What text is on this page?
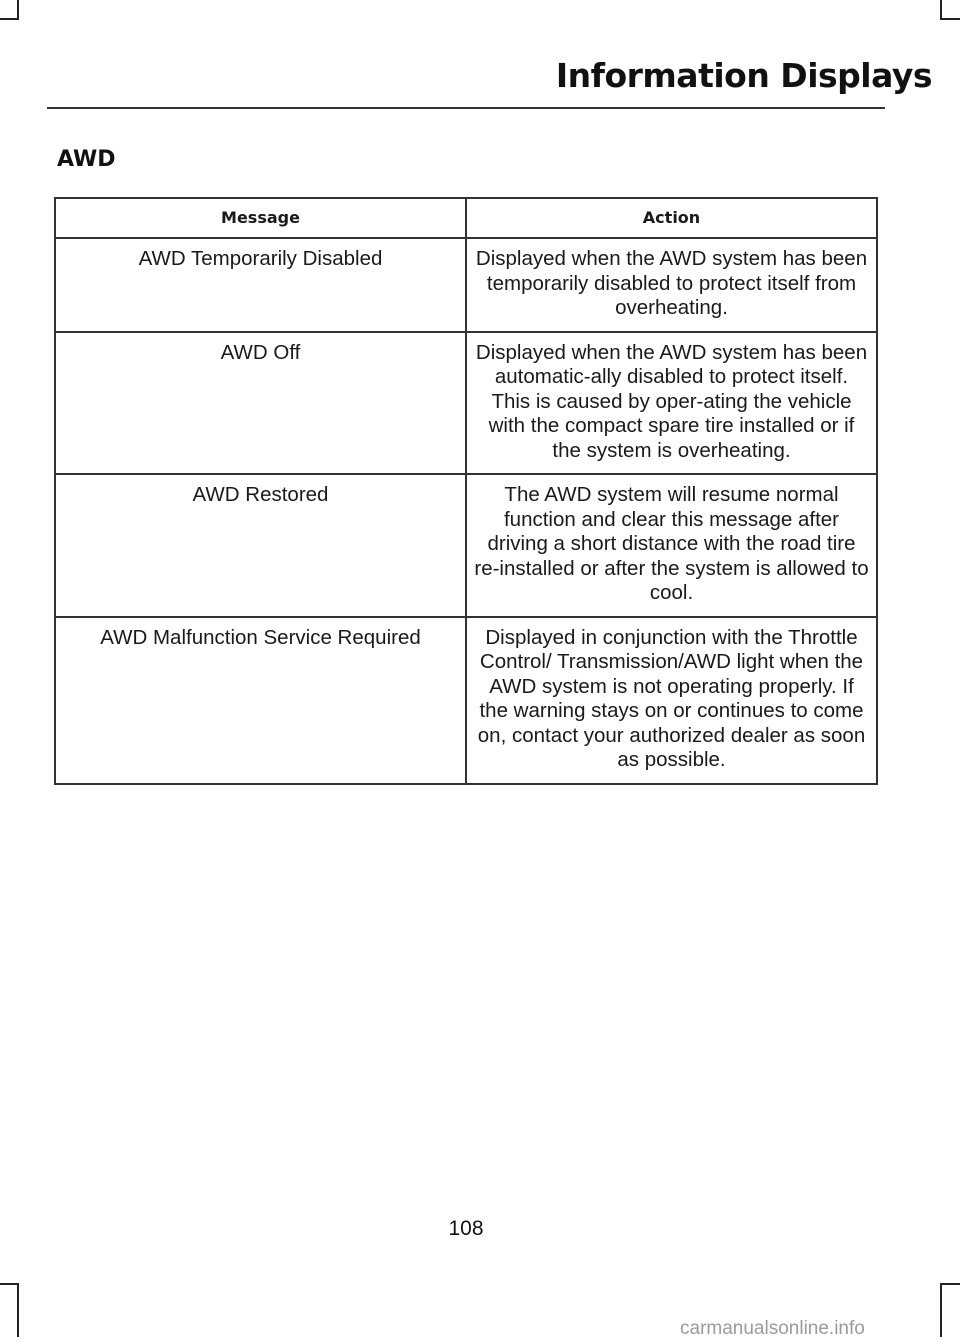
Information Displays
AWD
Message	Action
AWD Temporarily Disabled	Displayed when the AWD system has been temporarily disabled to protect itself from overheating.
AWD Off	Displayed when the AWD system has been automatic-ally disabled to protect itself. This is caused by oper-ating the vehicle with the compact spare tire installed or if the system is overheating.
AWD Restored	The AWD system will resume normal function and clear this message after driving a short distance with the road tire re-installed or after the system is allowed to cool.
AWD Malfunction Service Required	Displayed in conjunction with the Throttle Control/ Transmission/AWD light when the AWD system is not operating properly. If the warning stays on or continues to come on, contact your authorized dealer as soon as possible.
108
carmanualsonline.info
